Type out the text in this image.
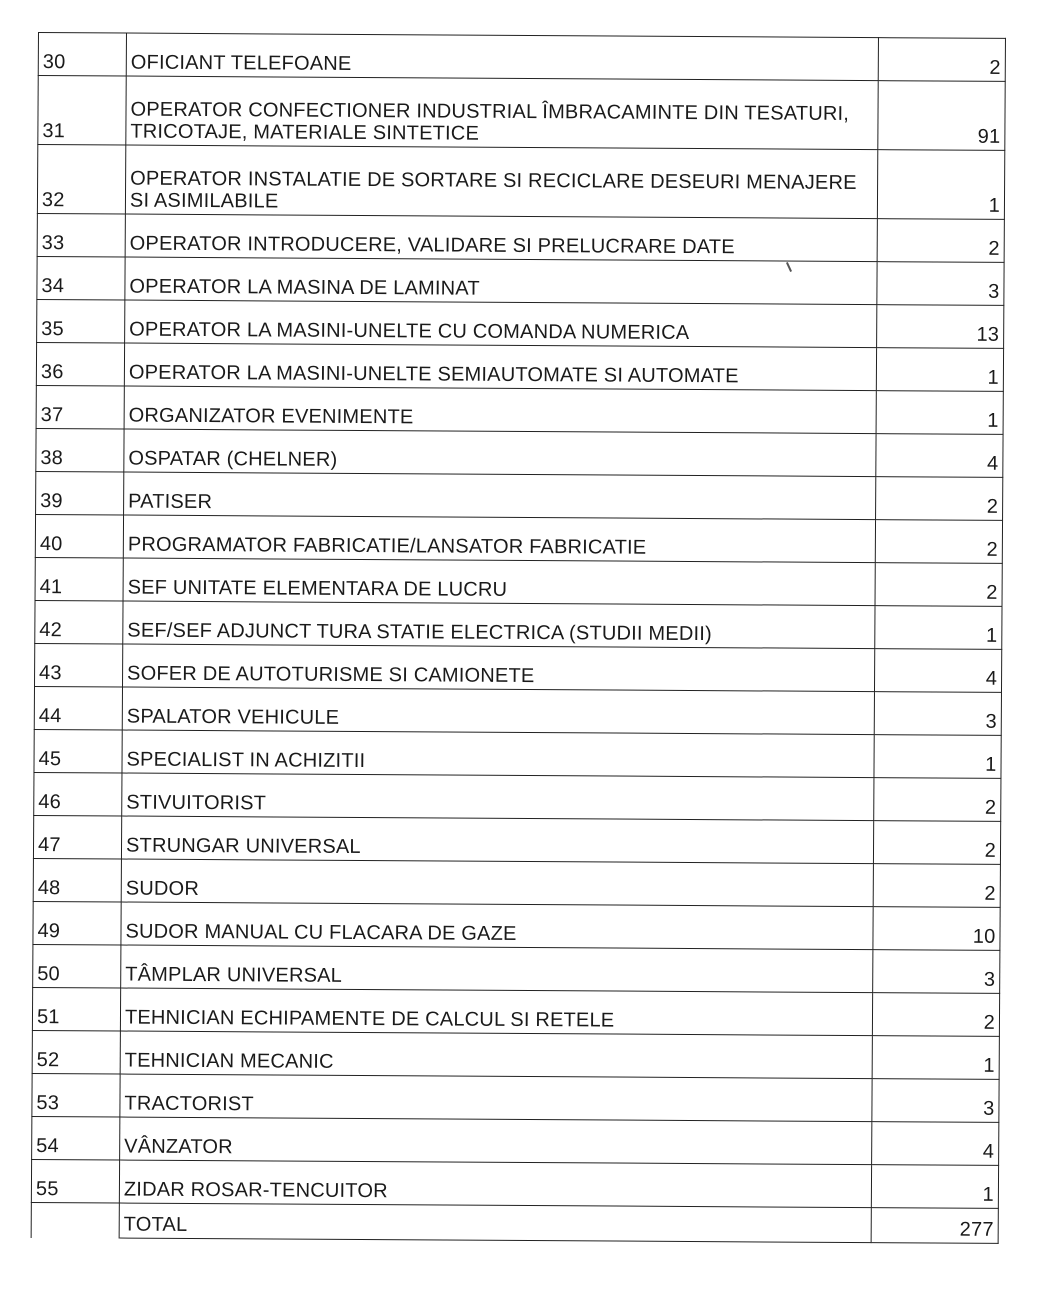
30	OFICIANT TELEFOANE	2
31	OPERATOR CONFECTIONER INDUSTRIAL ÎMBRACAMINTE DIN TESATURI,
TRICOTAJE, MATERIALE SINTETICE	91
32	OPERATOR INSTALATIE DE SORTARE SI RECICLARE DESEURI MENAJERE
SI ASIMILABILE	1
33	OPERATOR INTRODUCERE, VALIDARE SI PRELUCRARE DATE	2
34	OPERATOR LA MASINA DE LAMINAT	3
35	OPERATOR LA MASINI-UNELTE CU COMANDA NUMERICA	13
36	OPERATOR LA MASINI-UNELTE SEMIAUTOMATE SI AUTOMATE	1
37	ORGANIZATOR EVENIMENTE	1
38	OSPATAR (CHELNER)	4
39	PATISER	2
40	PROGRAMATOR FABRICATIE/LANSATOR FABRICATIE	2
41	SEF UNITATE ELEMENTARA DE LUCRU	2
42	SEF/SEF ADJUNCT TURA STATIE ELECTRICA (STUDII MEDII)	1
43	SOFER DE AUTOTURISME SI CAMIONETE	4
44	SPALATOR VEHICULE	3
45	SPECIALIST IN ACHIZITII	1
46	STIVUITORIST	2
47	STRUNGAR UNIVERSAL	2
48	SUDOR	2
49	SUDOR MANUAL CU FLACARA DE GAZE	10
50	TÂMPLAR UNIVERSAL	3
51	TEHNICIAN ECHIPAMENTE DE CALCUL SI RETELE	2
52	TEHNICIAN MECANIC	1
53	TRACTORIST	3
54	VÂNZATOR	4
55	ZIDAR ROSAR-TENCUITOR	1
	TOTAL	277
